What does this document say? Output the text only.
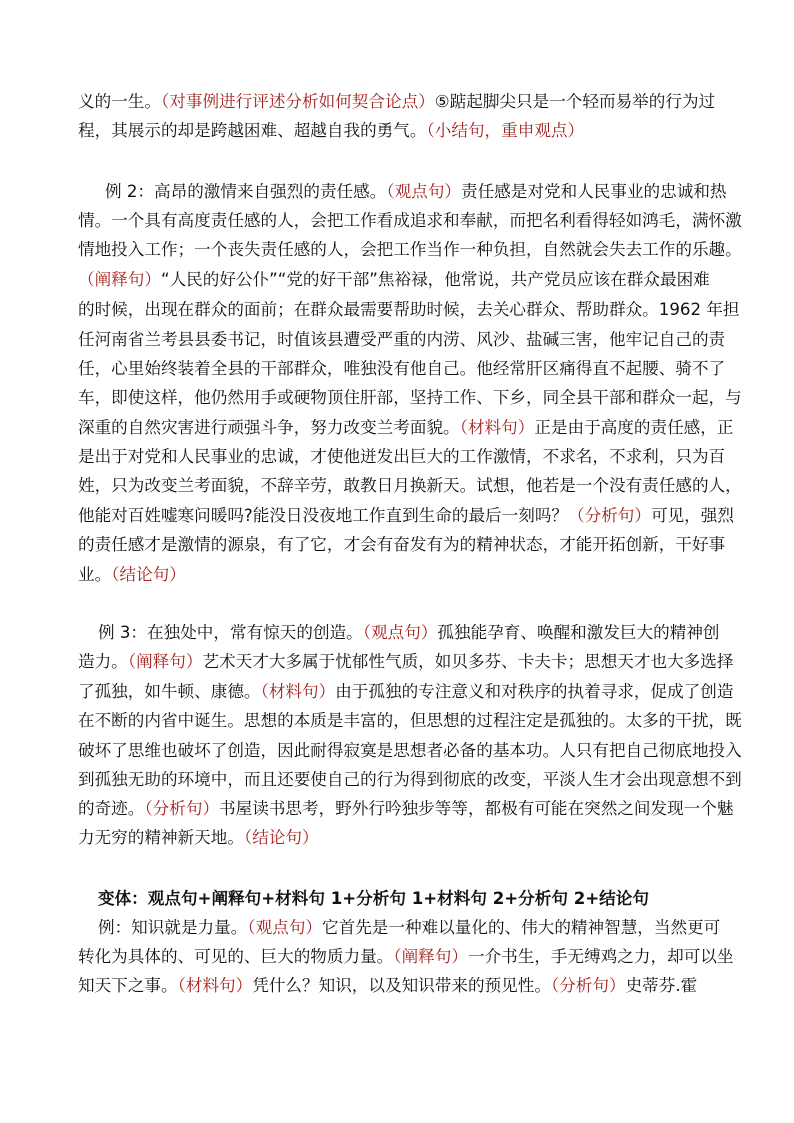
义的一生。（对事例进行评述分析如何契合论点）⑤踮起脚尖只是一个轻而易举的行为过
程，其展示的却是跨越困难、超越自我的勇气。（小结句，重申观点）
例 2：高昂的激情来自强烈的责任感。（观点句）责任感是对党和人民事业的忠诚和热
情。一个具有高度责任感的人，会把工作看成追求和奉献，而把名利看得轻如鸿毛，满怀激
情地投入工作；一个丧失责任感的人，会把工作当作一种负担，自然就会失去工作的乐趣。
（阐释句）“人民的好公仆”“党的好干部”焦裕禄，他常说，共产党员应该在群众最困难
的时候，出现在群众的面前；在群众最需要帮助时候，去关心群众、帮助群众。1962 年担
任河南省兰考县县委书记，时值该县遭受严重的内涝、风沙、盐碱三害，他牢记自己的责
任，心里始终装着全县的干部群众，唯独没有他自己。他经常肝区痛得直不起腰、骑不了
车，即使这样，他仍然用手或硬物顶住肝部，坚持工作、下乡，同全县干部和群众一起，与
深重的自然灾害进行顽强斗争，努力改变兰考面貌。（材料句）正是由于高度的责任感，正
是出于对党和人民事业的忠诚，才使他迸发出巨大的工作激情，不求名，不求利，只为百
姓，只为改变兰考面貌，不辞辛劳，敢教日月换新天。试想，他若是一个没有责任感的人，
他能对百姓嘘寒问暖吗?能没日没夜地工作直到生命的最后一刻吗？（分析句）可见，强烈
的责任感才是激情的源泉，有了它，才会有奋发有为的精神状态，才能开拓创新，干好事
业。（结论句）
例 3：在独处中，常有惊天的创造。（观点句）孤独能孕育、唤醒和激发巨大的精神创
造力。（阐释句）艺术天才大多属于忧郁性气质，如贝多芬、卡夫卡；思想天才也大多选择
了孤独，如牛顿、康德。（材料句）由于孤独的专注意义和对秩序的执着寻求，促成了创造
在不断的内省中诞生。思想的本质是丰富的，但思想的过程注定是孤独的。太多的干扰，既
破坏了思维也破坏了创造，因此耐得寂寞是思想者必备的基本功。人只有把自己彻底地投入
到孤独无助的环境中，而且还要使自己的行为得到彻底的改变，平淡人生才会出现意想不到
的奇迹。（分析句）书屋读书思考，野外行吟独步等等，都极有可能在突然之间发现一个魅
力无穷的精神新天地。（结论句）
变体：观点句+阐释句+材料句 1+分析句 1+材料句 2+分析句 2+结论句
例：知识就是力量。（观点句）它首先是一种难以量化的、伟大的精神智慧，当然更可
转化为具体的、可见的、巨大的物质力量。（阐释句）一介书生，手无缚鸡之力，却可以坐
知天下之事。（材料句）凭什么？知识，以及知识带来的预见性。（分析句）史蒂芬.霍
